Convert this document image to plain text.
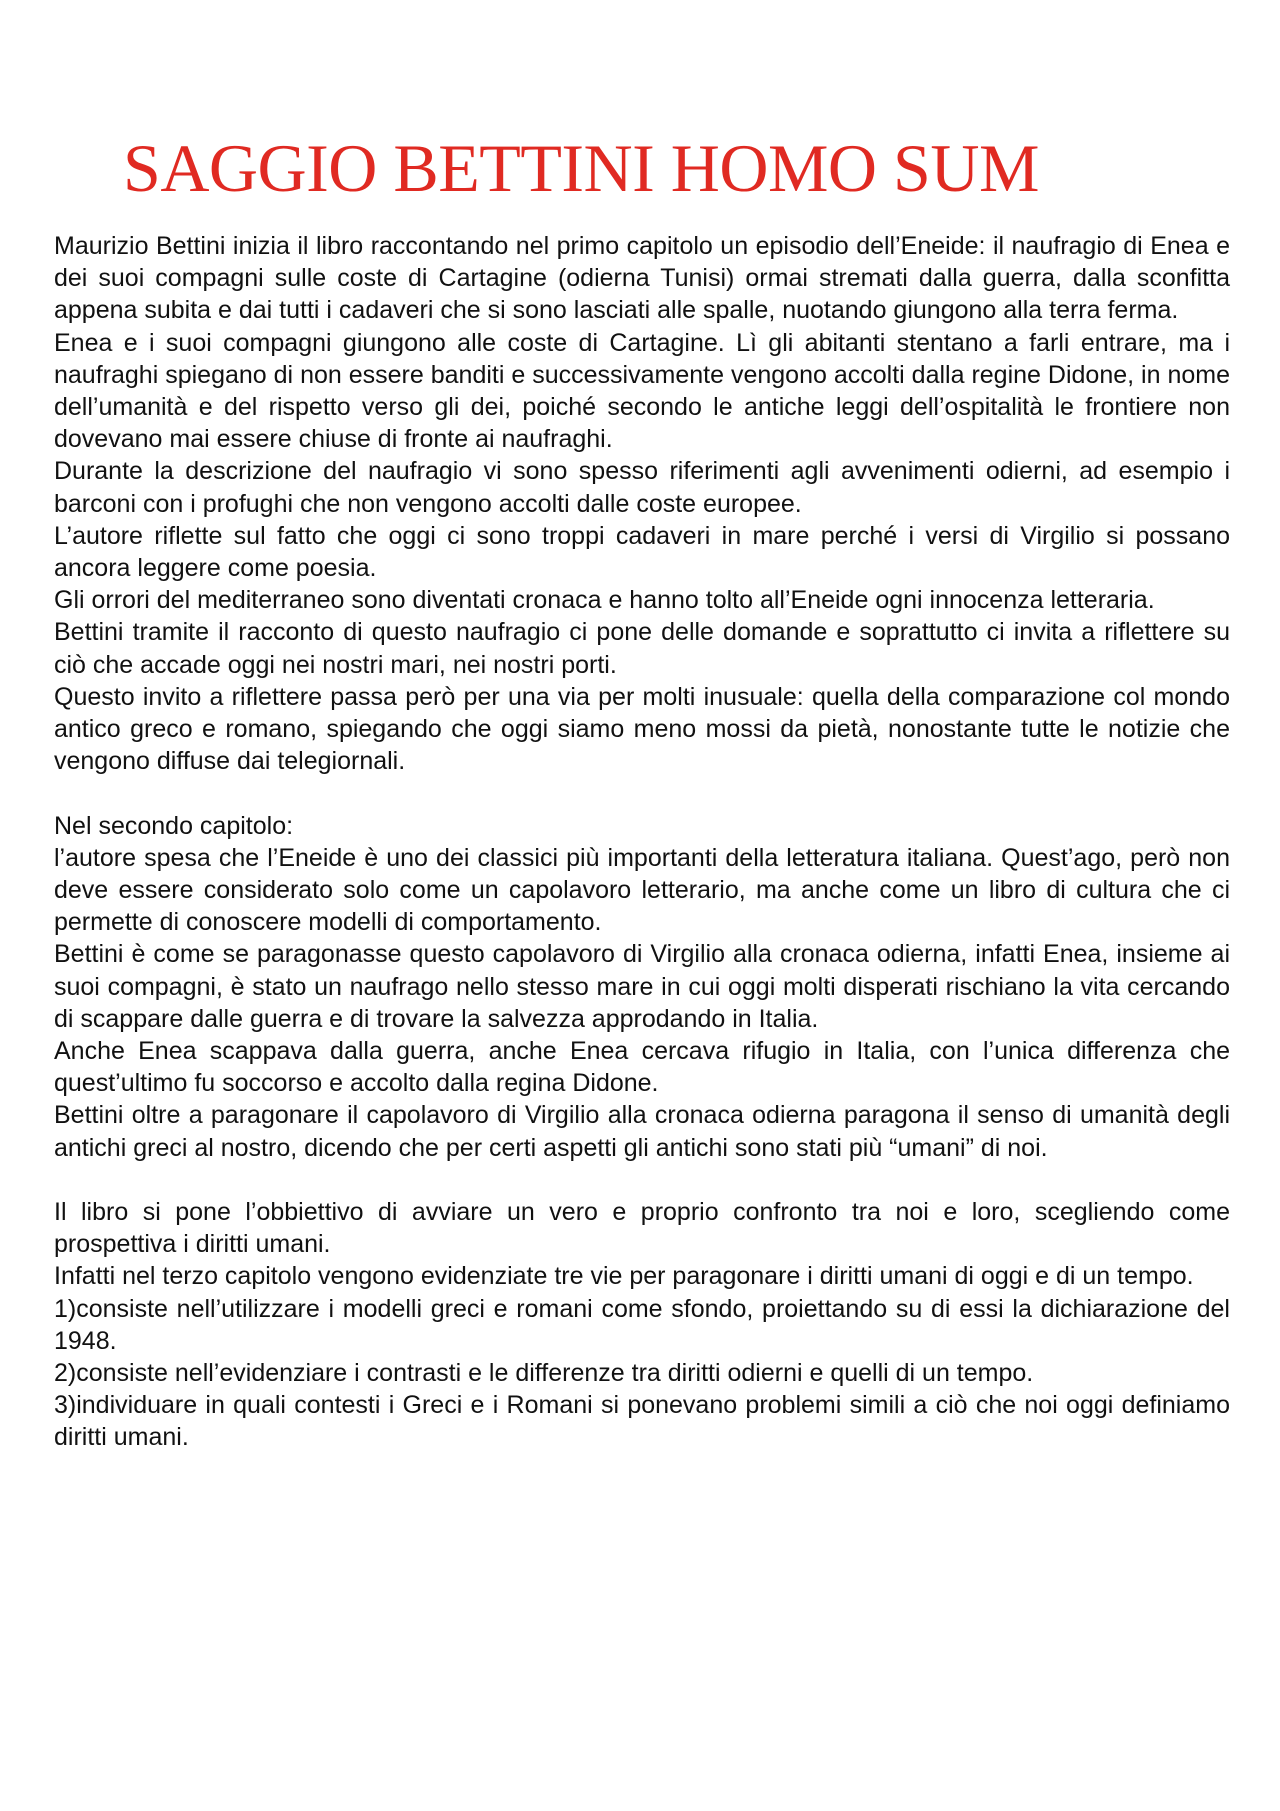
SAGGIO BETTINI HOMO SUM

Maurizio Bettini inizia il libro raccontando nel primo capitolo un episodio dell’Eneide: il naufragio di Enea e dei suoi compagni sulle coste di Cartagine (odierna Tunisi) ormai stremati dalla guerra, dalla sconfitta appena subita e dai tutti i cadaveri che si sono lasciati alle spalle, nuotando giungono alla terra ferma.

Enea e i suoi compagni giungono alle coste di Cartagine. Lì gli abitanti stentano a farli entrare, ma i naufraghi spiegano di non essere banditi e successivamente vengono accolti dalla regine Didone, in nome dell’umanità e del rispetto verso gli dei, poiché secondo le antiche leggi dell’ospitalità le frontiere non dovevano mai essere chiuse di fronte ai naufraghi.

Durante la descrizione del naufragio vi sono spesso riferimenti agli avvenimenti odierni, ad esempio i barconi con i profughi che non vengono accolti dalle coste europee.

L’autore riflette sul fatto che oggi ci sono troppi cadaveri in mare perché i versi di Virgilio si possano ancora leggere come poesia.

Gli orrori del mediterraneo sono diventati cronaca e hanno tolto all’Eneide ogni innocenza letteraria.

Bettini tramite il racconto di questo naufragio ci pone delle domande e soprattutto ci invita a riflettere su ciò che accade oggi nei nostri mari, nei nostri porti.

Questo invito a riflettere passa però per una via per molti inusuale: quella della comparazione col mondo antico greco e romano, spiegando che oggi siamo meno mossi da pietà, nonostante tutte le notizie che vengono diffuse dai telegiornali.

Nel secondo capitolo:

l’autore spesa che l’Eneide è uno dei classici più importanti della letteratura italiana. Quest’ago, però non deve essere considerato solo come un capolavoro letterario, ma anche come un libro di cultura che ci permette di conoscere modelli di comportamento.

Bettini è come se paragonasse questo capolavoro di Virgilio alla cronaca odierna, infatti Enea, insieme ai suoi compagni, è stato un naufrago nello stesso mare in cui oggi molti disperati rischiano la vita cercando di scappare dalle guerra e di trovare la salvezza approdando in Italia.

Anche Enea scappava dalla guerra, anche Enea cercava rifugio in Italia, con l’unica differenza che quest’ultimo fu soccorso e accolto dalla regina Didone.

Bettini oltre a paragonare il capolavoro di Virgilio alla cronaca odierna paragona il senso di umanità degli antichi greci al nostro, dicendo che per certi aspetti gli antichi sono stati più “umani” di noi.

Il libro si pone l’obbiettivo di avviare un vero e proprio confronto tra noi e loro, scegliendo come prospettiva i diritti umani.

Infatti nel terzo capitolo vengono evidenziate tre vie per paragonare i diritti umani di oggi e di un tempo.

1)consiste nell’utilizzare i modelli greci e romani come sfondo, proiettando su di essi la dichiarazione del 1948.

2)consiste nell’evidenziare i contrasti e le differenze tra diritti odierni e quelli di un tempo.

3)individuare in quali contesti i Greci e i Romani si ponevano problemi simili a ciò che noi oggi definiamo diritti umani.
